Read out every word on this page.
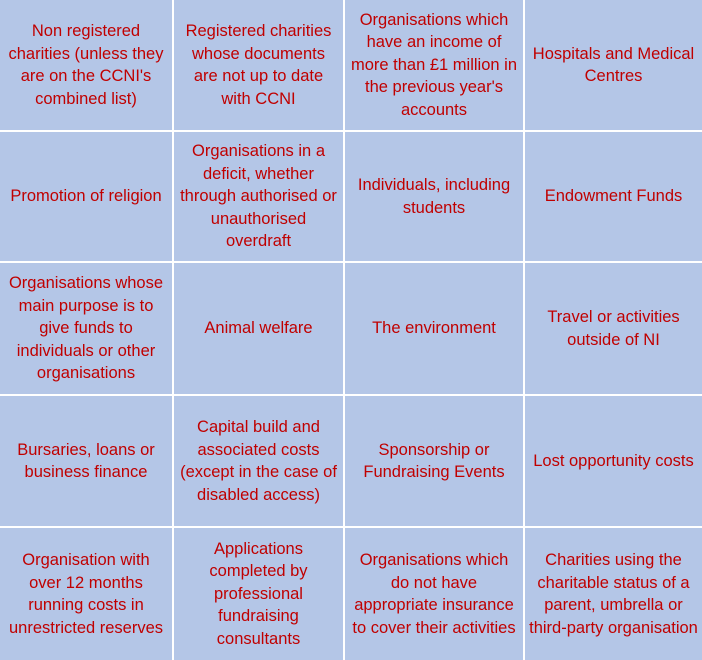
Non registered charities (unless they are on the CCNI's combined list)
Registered charities whose documents are not up to date with CCNI
Organisations which have an income of more than £1 million in the previous year's accounts
Hospitals and Medical Centres
Promotion of religion
Organisations in a deficit, whether through authorised or unauthorised overdraft
Individuals, including students
Endowment Funds
Organisations whose main purpose is to give funds to individuals or other organisations
Animal welfare	The environment
Travel or activities outside of NI
Bursaries, loans or business finance
Capital build and associated costs (except in the case of disabled access)
Sponsorship or Fundraising Events
Lost opportunity costs
Organisation with over 12 months running costs in unrestricted reserves
Applications completed by professional fundraising consultants
Organisations which do not have appropriate insurance to cover their activities
Charities using the charitable status of a parent, umbrella or third-party organisation
